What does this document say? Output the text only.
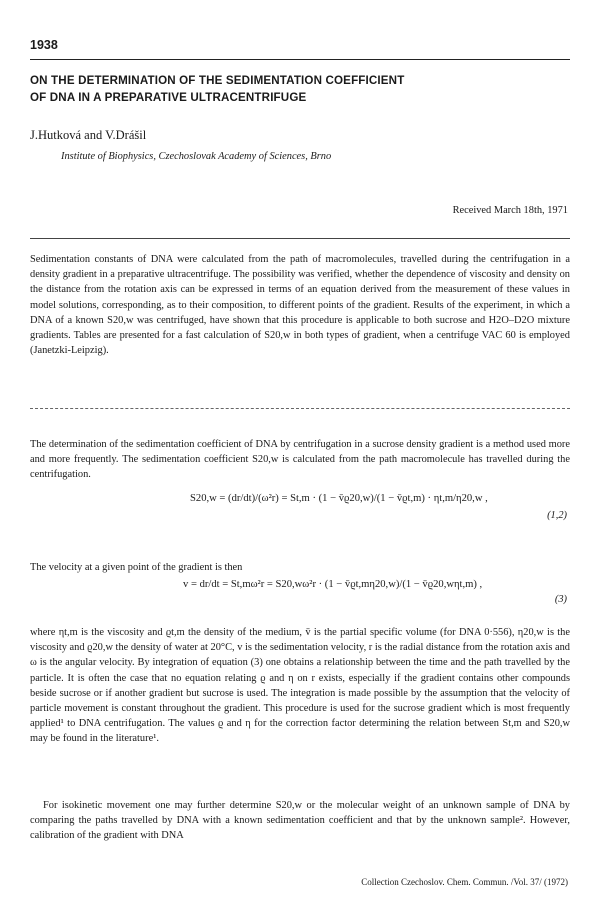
1938
ON THE DETERMINATION OF THE SEDIMENTATION COEFFICIENT
OF DNA IN A PREPARATIVE ULTRACENTRIFUGE
J.Hutková and V.Drášil
Institute of Biophysics, Czechoslovak Academy of Sciences, Brno
Received March 18th, 1971

Sedimentation constants of DNA were calculated from the path of macromolecules, travelled during the centrifugation in a density gradient in a preparative ultracentrifuge. The possibility was verified, whether the dependence of viscosity and density on the distance from the rotation axis can be expressed in terms of an equation derived from the measurement of these values in model solutions, corresponding, as to their composition, to different points of the gradient. Results of the experiment, in which a DNA of a known S20,w was centrifuged, have shown that this procedure is applicable to both sucrose and H2O–D2O mixture gradients. Tables are presented for a fast calculation of S20,w in both types of gradient, when a centrifuge VAC 60 is employed (Janetzki-Leipzig).

The determination of the sedimentation coefficient of DNA by centrifugation in a sucrose density gradient is a method used more and more frequently. The sedimentation coefficient S20,w is calculated from the path macromolecule has travelled during the centrifugation.

S20,w = (dr/dt)/(ω²r) = St,m · (1 − v̄ϱ20,w)/(1 − v̄ϱt,m) · ηt,m/η20,w ,
(1,2)

The velocity at a given point of the gradient is then

v = dr/dt = St,mω²r = S20,wω²r · (1 − v̄ϱt,mη20,w)/(1 − v̄ϱ20,wηt,m) ,
(3)

where ηt,m is the viscosity and ϱt,m the density of the medium, v̄ is the partial specific volume (for DNA 0·556), η20,w is the viscosity and ϱ20,w the density of water at 20°C, v is the sedimentation velocity, r is the radial distance from the rotation axis and ω is the angular velocity. By integration of equation (3) one obtains a relationship between the time and the path travelled by the particle. It is often the case that no equation relating ϱ and η on r exists, especially if the gradient contains other compounds beside sucrose or if another gradient but sucrose is used. The integration is made possible by the assumption that the velocity of particle movement is constant throughout the gradient. This procedure is used for the sucrose gradient which is most frequently applied¹ to DNA centrifugation. The values ϱ and η for the correction factor determining the relation between St,m and S20,w may be found in the literature¹.

For isokinetic movement one may further determine S20,w or the molecular weight of an unknown sample of DNA by comparing the paths travelled by DNA with a known sedimentation coefficient and that by the unknown sample². However, calibration of the gradient with DNA

Collection Czechoslov. Chem. Commun. /Vol. 37/ (1972)
